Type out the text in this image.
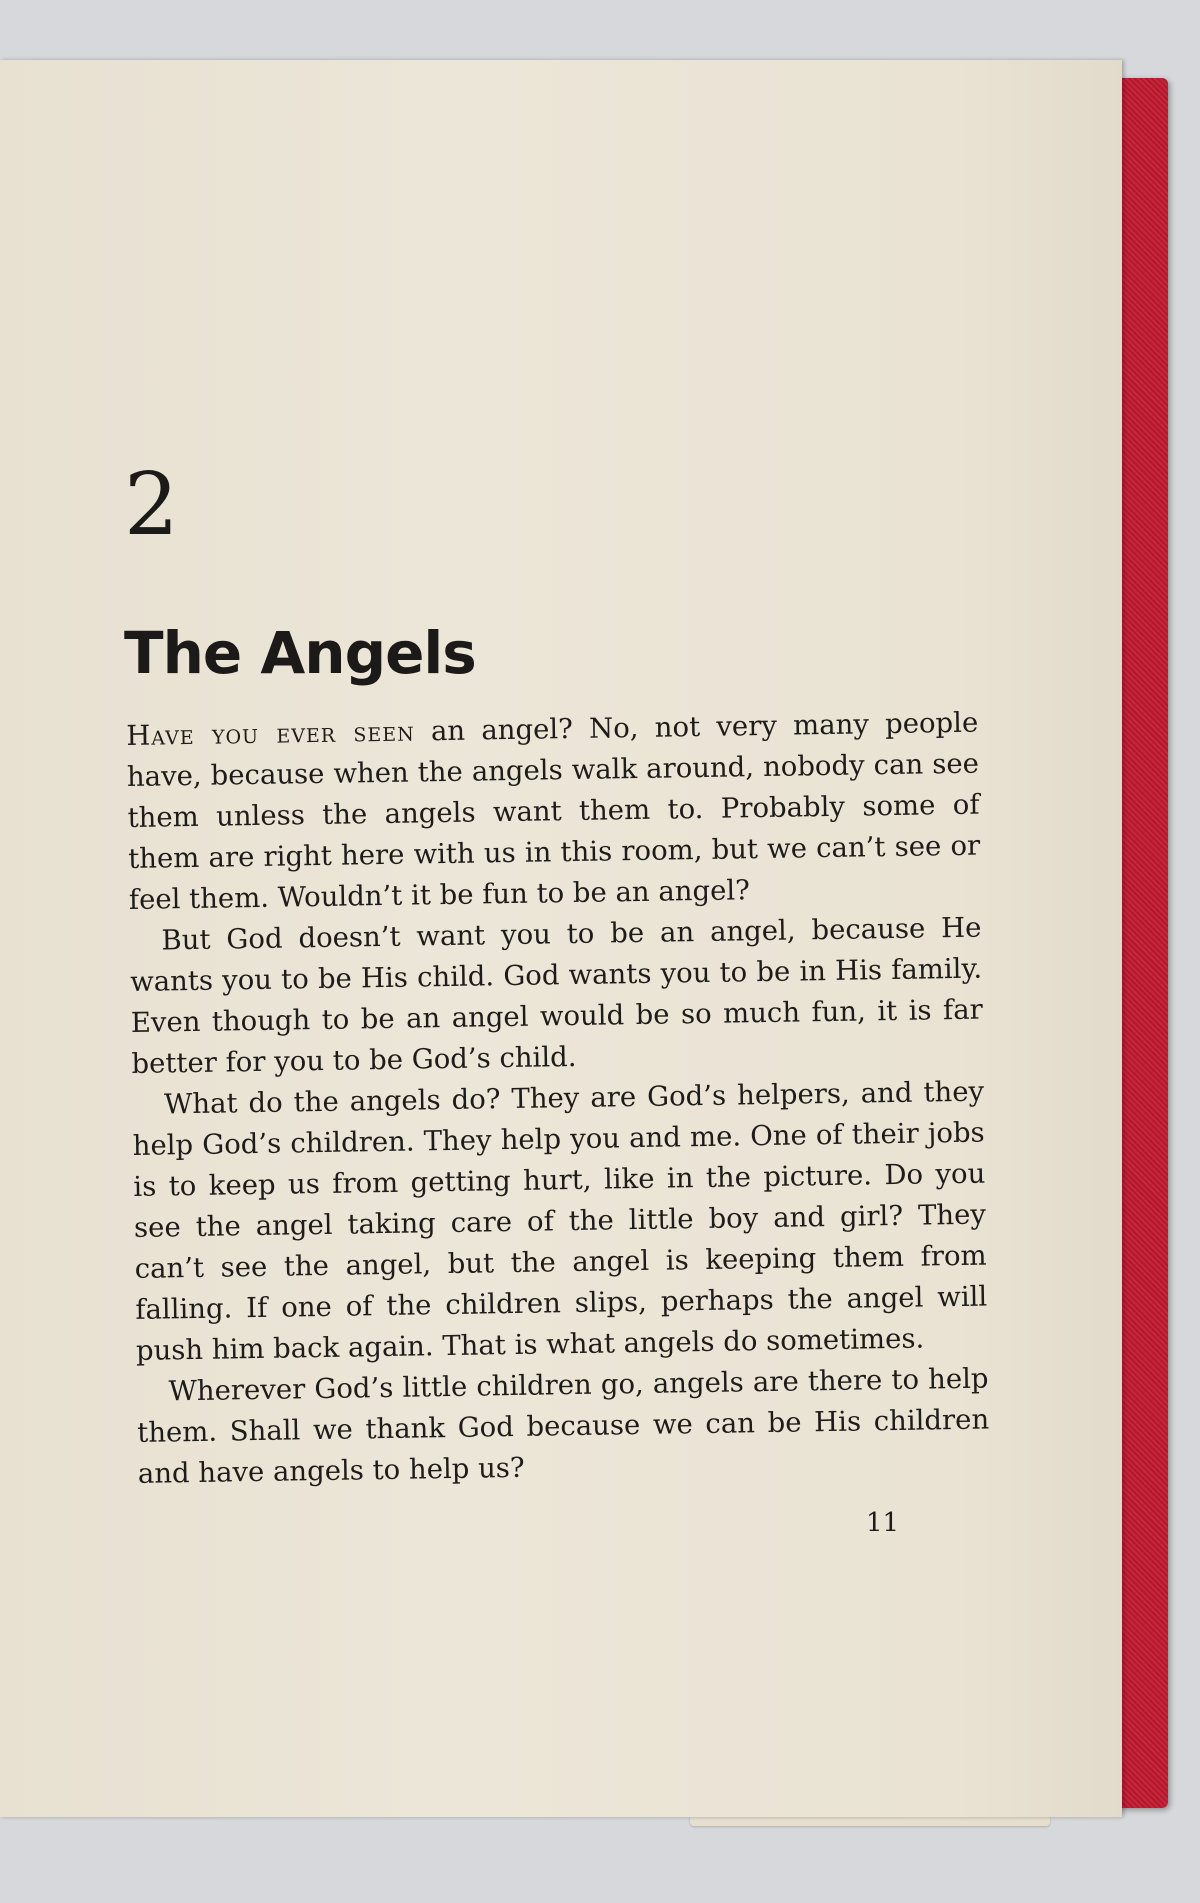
2
The Angels

Have you ever seen an angel? No, not very many people have, because when the angels walk around, nobody can see them unless the angels want them to. Probably some of them are right here with us in this room, but we can’t see or feel them. Wouldn’t it be fun to be an angel?

But God doesn’t want you to be an angel, because He wants you to be His child. God wants you to be in His family. Even though to be an angel would be so much fun, it is far better for you to be God’s child.

What do the angels do? They are God’s helpers, and they help God’s children. They help you and me. One of their jobs is to keep us from getting hurt, like in the picture. Do you see the angel taking care of the little boy and girl? They can’t see the angel, but the angel is keeping them from falling. If one of the children slips, perhaps the angel will push him back again. That is what angels do sometimes.

Wherever God’s little children go, angels are there to help them. Shall we thank God because we can be His children and have angels to help us?

11
